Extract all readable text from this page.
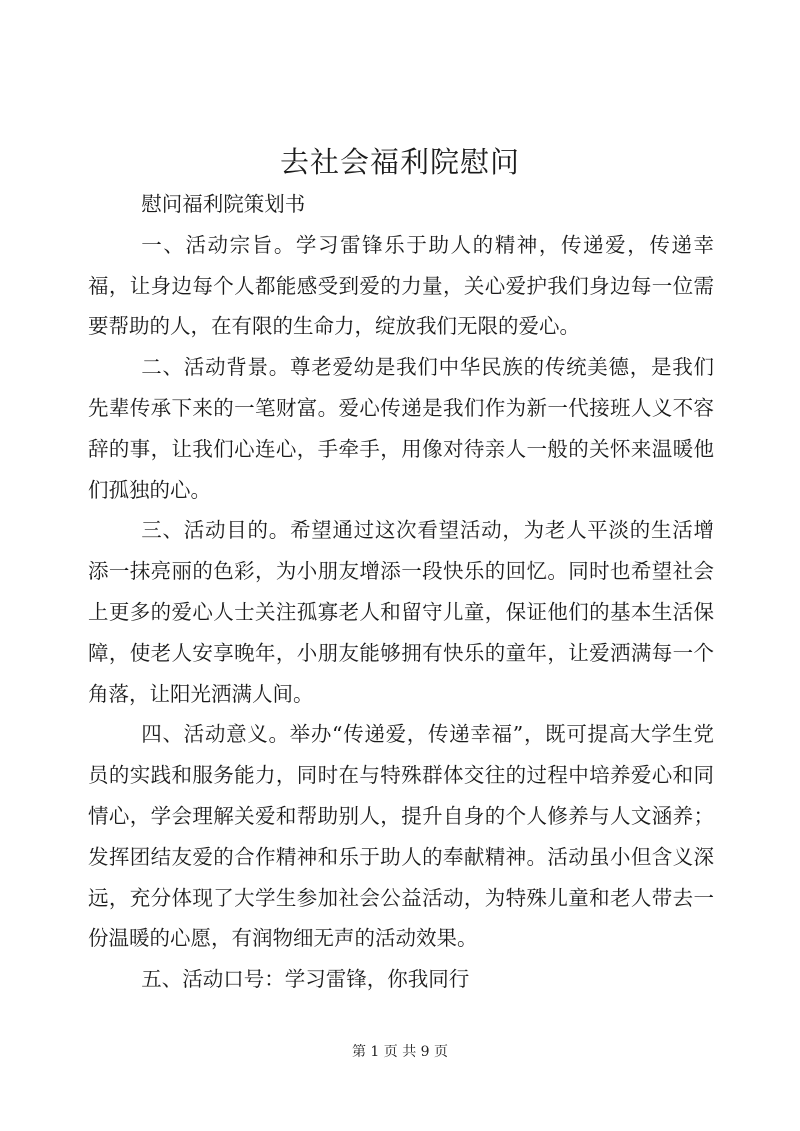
去社会福利院慰问

慰问福利院策划书

一、活动宗旨。学习雷锋乐于助人的精神，传递爱，传递幸福，让身边每个人都能感受到爱的力量，关心爱护我们身边每一位需要帮助的人，在有限的生命力，绽放我们无限的爱心。

二、活动背景。尊老爱幼是我们中华民族的传统美德，是我们先辈传承下来的一笔财富。爱心传递是我们作为新一代接班人义不容辞的事，让我们心连心，手牵手，用像对待亲人一般的关怀来温暖他们孤独的心。

三、活动目的。希望通过这次看望活动，为老人平淡的生活增添一抹亮丽的色彩，为小朋友增添一段快乐的回忆。同时也希望社会上更多的爱心人士关注孤寡老人和留守儿童，保证他们的基本生活保障，使老人安享晚年，小朋友能够拥有快乐的童年，让爱洒满每一个角落，让阳光洒满人间。

四、活动意义。举办“传递爱，传递幸福”，既可提高大学生党员的实践和服务能力，同时在与特殊群体交往的过程中培养爱心和同情心，学会理解关爱和帮助别人，提升自身的个人修养与人文涵养；发挥团结友爱的合作精神和乐于助人的奉献精神。活动虽小但含义深远，充分体现了大学生参加社会公益活动，为特殊儿童和老人带去一份温暖的心愿，有润物细无声的活动效果。

五、活动口号：学习雷锋，你我同行

第 1 页 共 9 页
